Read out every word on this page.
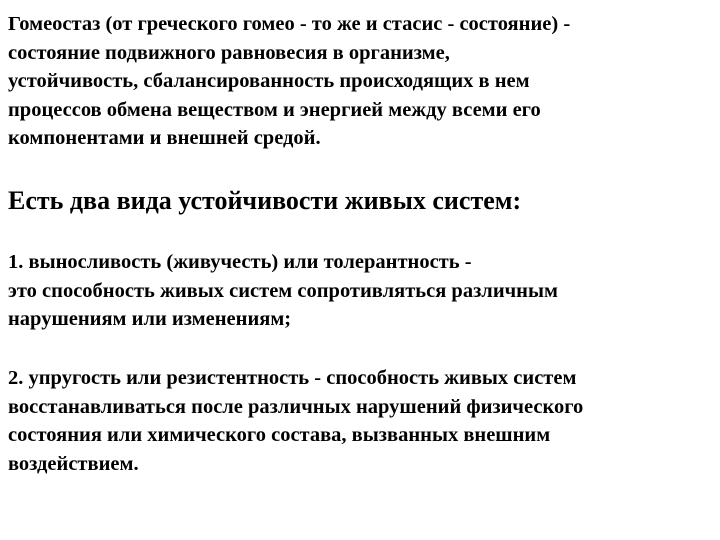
Гомеостаз (от греческого гомео - то же и стасис - состояние) -
состояние подвижного равновесия в организме,
устойчивость, сбалансированность происходящих в нем
процессов обмена веществом и энергией между всеми его
компонентами и внешней средой.
Есть два вида устойчивости живых систем:
1. выносливость (живучесть) или толерантность -
это способность живых систем сопротивляться различным
нарушениям или изменениям;
2. упругость или резистентность - способность живых систем
восстанавливаться после различных нарушений физического
состояния или химического состава, вызванных внешним
воздействием.
